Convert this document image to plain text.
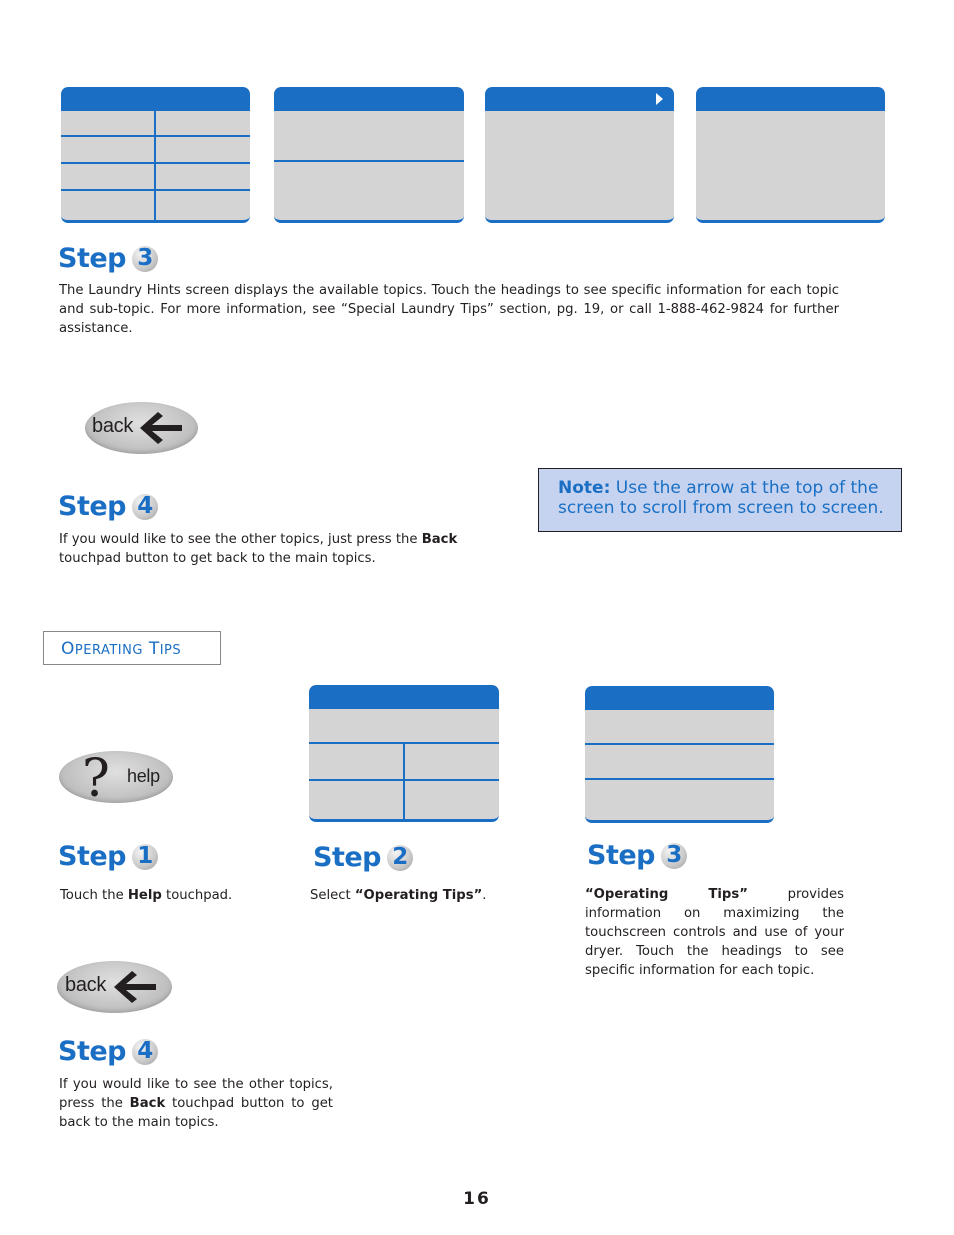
Step 3
The Laundry Hints screen displays the available topics. Touch the headings to see specific information for each topic and sub-topic. For more information, see “Special Laundry Tips” section, pg. 19, or call 1-888-462-9824 for further assistance.
back
Step 4
If you would like to see the other topics, just press the Back touchpad button to get back to the main topics.
Note: Use the arrow at the top of the screen to scroll from screen to screen.
OPERATING TIPS
? help
Step 1
Touch the Help touchpad.
Step 2
Select “Operating Tips”.
Step 3
“Operating Tips” provides information on maximizing the touchscreen controls and use of your dryer. Touch the headings to see specific information for each topic.
back
Step 4
If you would like to see the other topics, press the Back touchpad button to get back to the main topics.
16
